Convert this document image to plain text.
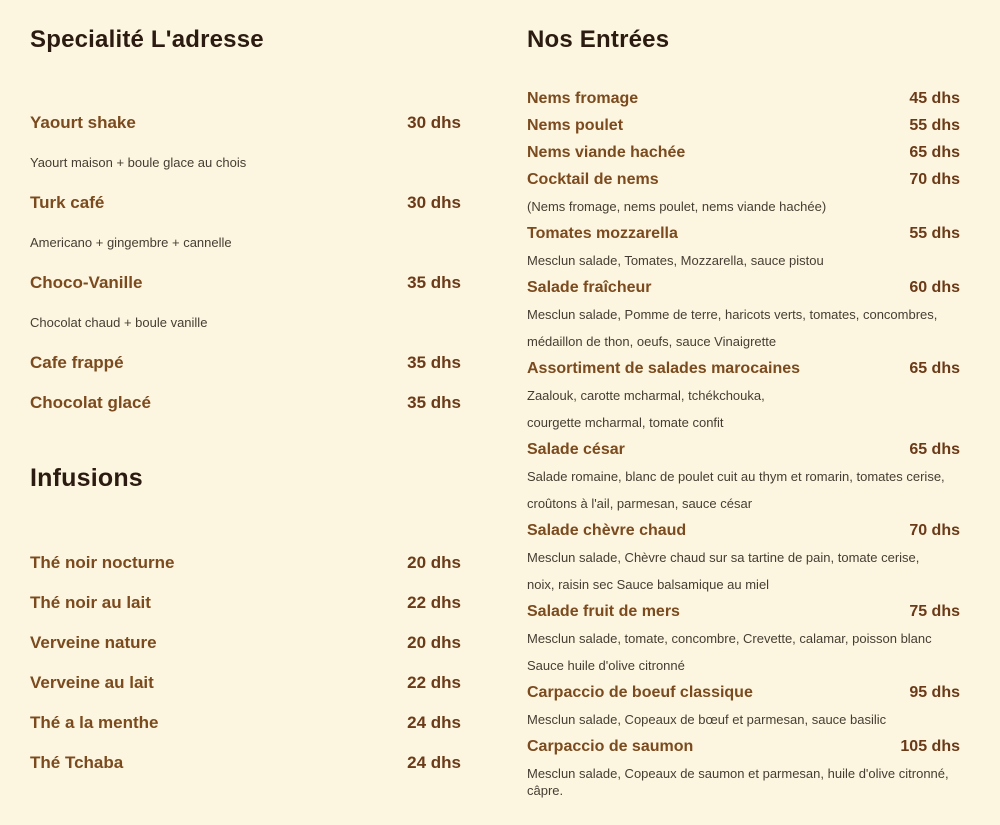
Specialité L'adresse
Yaourt shake	30 dhs
Yaourt maison + boule glace au chois
Turk café	30 dhs
Americano + gingembre + cannelle
Choco-Vanille	35 dhs
Chocolat chaud + boule vanille
Cafe frappé	35 dhs
Chocolat glacé	35 dhs
Infusions
Thé noir nocturne	20 dhs
Thé noir au lait	22 dhs
Verveine nature	20 dhs
Verveine au lait	22 dhs
Thé a la menthe	24 dhs
Thé Tchaba	24 dhs
Nos Entrées
Nems fromage	45 dhs
Nems poulet	55 dhs
Nems viande hachée	65 dhs
Cocktail de nems	70 dhs
(Nems fromage, nems poulet, nems viande hachée)
Tomates mozzarella	55 dhs
Mesclun salade, Tomates, Mozzarella, sauce pistou
Salade fraîcheur	60 dhs
Mesclun salade, Pomme de terre, haricots verts, tomates, concombres,
médaillon de thon, oeufs, sauce Vinaigrette
Assortiment de salades marocaines	65 dhs
Zaalouk, carotte mcharmal, tchékchouka,
courgette mcharmal, tomate confit
Salade césar	65 dhs
Salade romaine, blanc de poulet cuit au thym et romarin, tomates cerise,
croûtons à l'ail, parmesan, sauce césar
Salade chèvre chaud	70 dhs
Mesclun salade, Chèvre chaud sur sa tartine de pain, tomate cerise,
noix, raisin sec Sauce balsamique au miel
Salade fruit de mers	75 dhs
Mesclun salade, tomate, concombre, Crevette, calamar, poisson blanc
Sauce huile d'olive citronné
Carpaccio de boeuf classique	95 dhs
Mesclun salade, Copeaux de bœuf et parmesan, sauce basilic
Carpaccio de saumon	105 dhs
Mesclun salade, Copeaux de saumon et parmesan, huile d'olive citronné, câpre.
